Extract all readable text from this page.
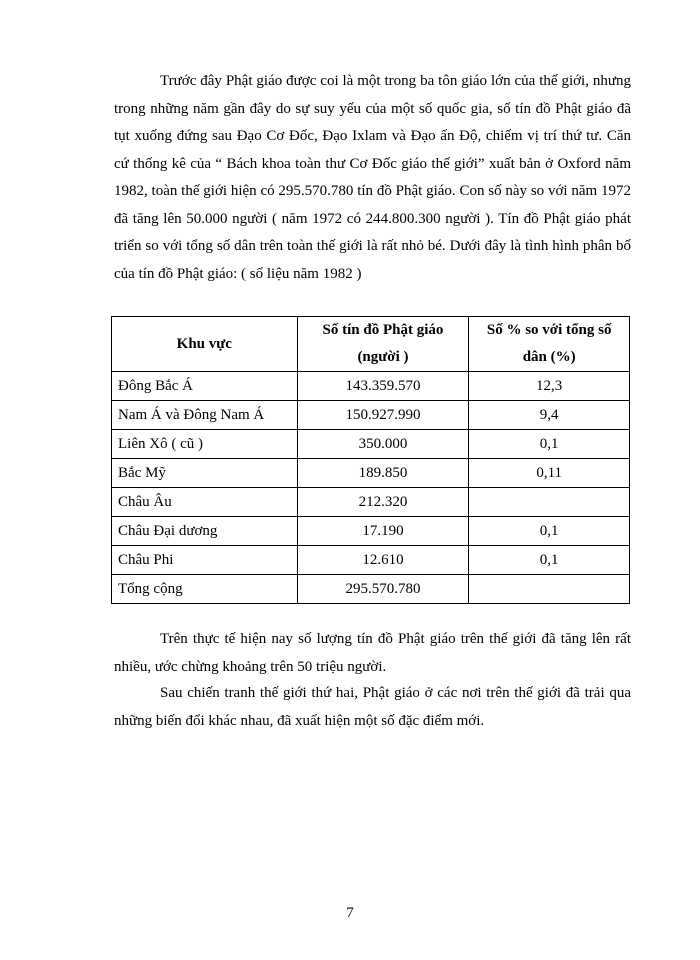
Trước đây Phật giáo được coi là một trong ba tôn giáo lớn của thế giới, nhưng trong những năm gần đây do sự suy yếu của một số quốc gia, số tín đồ Phật giáo đã tụt xuống đứng sau Đạo Cơ Đốc, Đạo Ixlam và Đạo ấn Độ, chiếm vị trí thứ tư. Căn cứ thống kê của “ Bách khoa toàn thư Cơ Đốc giáo thế giới” xuất bản ở Oxford năm 1982, toàn thế giới hiện có 295.570.780 tín đồ Phật giáo. Con số này so với năm 1972 đã tăng lên 50.000 người ( năm 1972 có 244.800.300 người ). Tín đồ Phật giáo phát triển so với tổng số dân trên toàn thế giới là rất nhỏ bé. Dưới đây là tình hình phân bố của tín đồ Phật giáo: ( số liệu năm 1982 )

Khu vực	Số tín đồ Phật giáo (người )	Số % so với tổng số dân (%)
Đông Bắc Á	143.359.570	12,3
Nam Á và Đông Nam Á	150.927.990	9,4
Liên Xô ( cũ )	350.000	0,1
Bắc Mỹ	189.850	0,11
Châu Âu	212.320	
Châu Đại dương	17.190	0,1
Châu Phi	12.610	0,1
Tổng cộng	295.570.780	

Trên thực tế hiện nay số lượng tín đồ Phật giáo trên thế giới đã tăng lên rất nhiều, ước chừng khoảng trên 50 triệu người.

Sau chiến tranh thế giới thứ hai, Phật giáo ở các nơi trên thế giới đã trải qua những biến đổi khác nhau, đã xuất hiện một số đặc điểm mới.

7
